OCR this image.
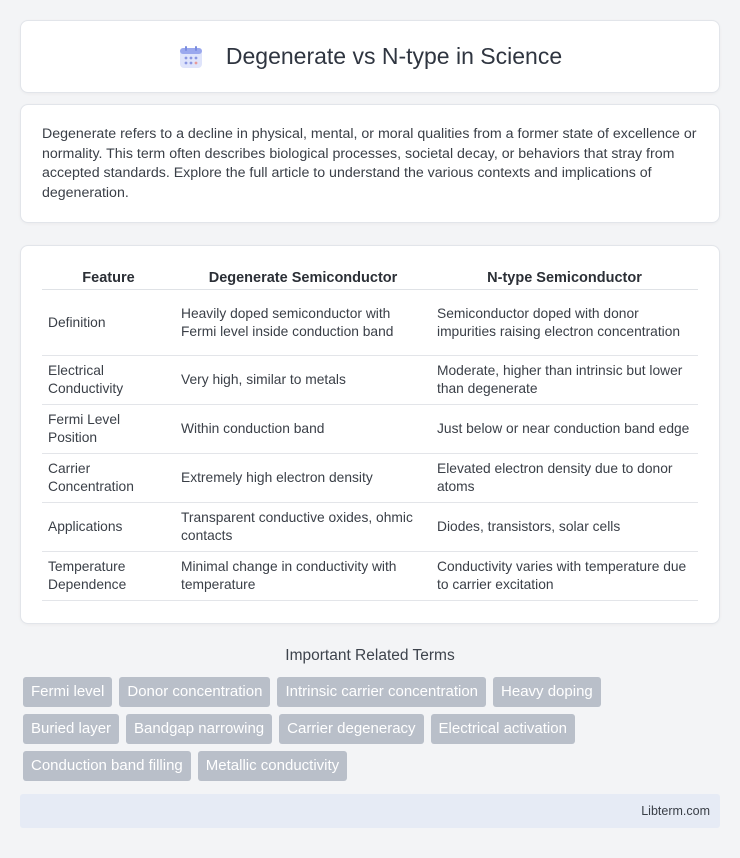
Degenerate vs N-type in Science

Degenerate refers to a decline in physical, mental, or moral qualities from a former state of excellence or normality. This term often describes biological processes, societal decay, or behaviors that stray from accepted standards. Explore the full article to understand the various contexts and implications of degeneration.

Feature	Degenerate Semiconductor	N-type Semiconductor
Definition	Heavily doped semiconductor with Fermi level inside conduction band	Semiconductor doped with donor impurities raising electron concentration
Electrical Conductivity	Very high, similar to metals	Moderate, higher than intrinsic but lower than degenerate
Fermi Level Position	Within conduction band	Just below or near conduction band edge
Carrier Concentration	Extremely high electron density	Elevated electron density due to donor atoms
Applications	Transparent conductive oxides, ohmic contacts	Diodes, transistors, solar cells
Temperature Dependence	Minimal change in conductivity with temperature	Conductivity varies with temperature due to carrier excitation
Important Related Terms
Fermi level	Donor concentration	Intrinsic carrier concentration	Heavy doping
Buried layer	Bandgap narrowing	Carrier degeneracy	Electrical activation
Conduction band filling	Metallic conductivity
Libterm.com
